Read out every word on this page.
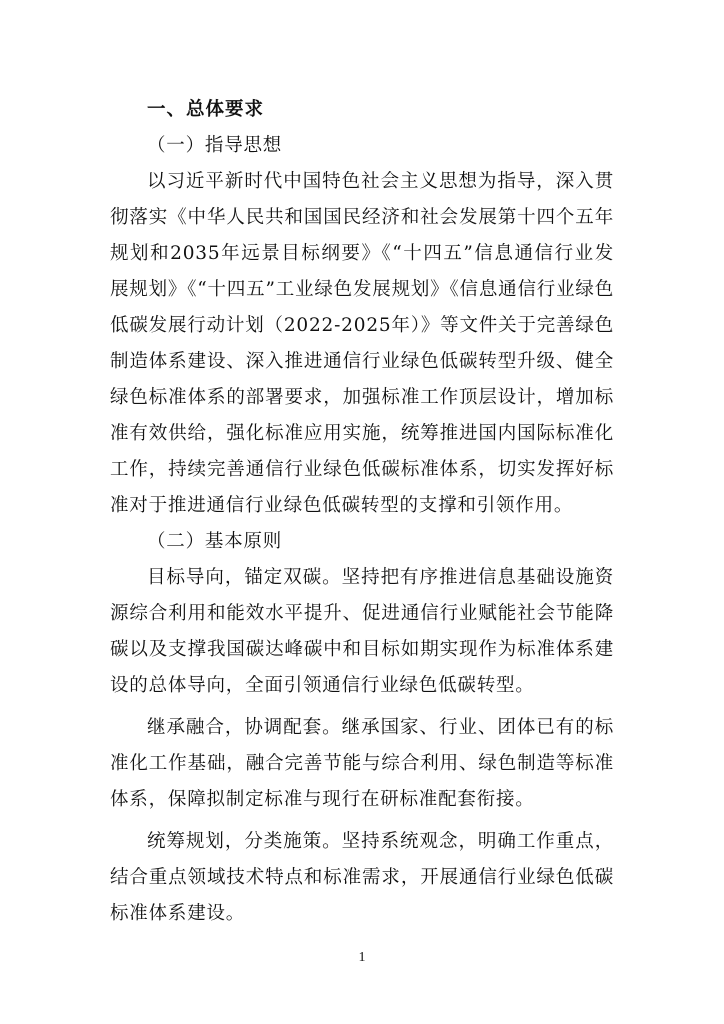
一、总体要求
（一）指导思想
以习近平新时代中国特色社会主义思想为指导，深入贯彻落实《中华人民共和国国民经济和社会发展第十四个五年规划和2035年远景目标纲要》《“十四五”信息通信行业发展规划》《“十四五”工业绿色发展规划》《信息通信行业绿色低碳发展行动计划（2022-2025年）》等文件关于完善绿色制造体系建设、深入推进通信行业绿色低碳转型升级、健全绿色标准体系的部署要求，加强标准工作顶层设计，增加标准有效供给，强化标准应用实施，统筹推进国内国际标准化工作，持续完善通信行业绿色低碳标准体系，切实发挥好标准对于推进通信行业绿色低碳转型的支撑和引领作用。
（二）基本原则
目标导向，锚定双碳。坚持把有序推进信息基础设施资源综合利用和能效水平提升、促进通信行业赋能社会节能降碳以及支撑我国碳达峰碳中和目标如期实现作为标准体系建设的总体导向，全面引领通信行业绿色低碳转型。
继承融合，协调配套。继承国家、行业、团体已有的标准化工作基础，融合完善节能与综合利用、绿色制造等标准体系，保障拟制定标准与现行在研标准配套衔接。
统筹规划，分类施策。坚持系统观念，明确工作重点，结合重点领域技术特点和标准需求，开展通信行业绿色低碳标准体系建设。
1
